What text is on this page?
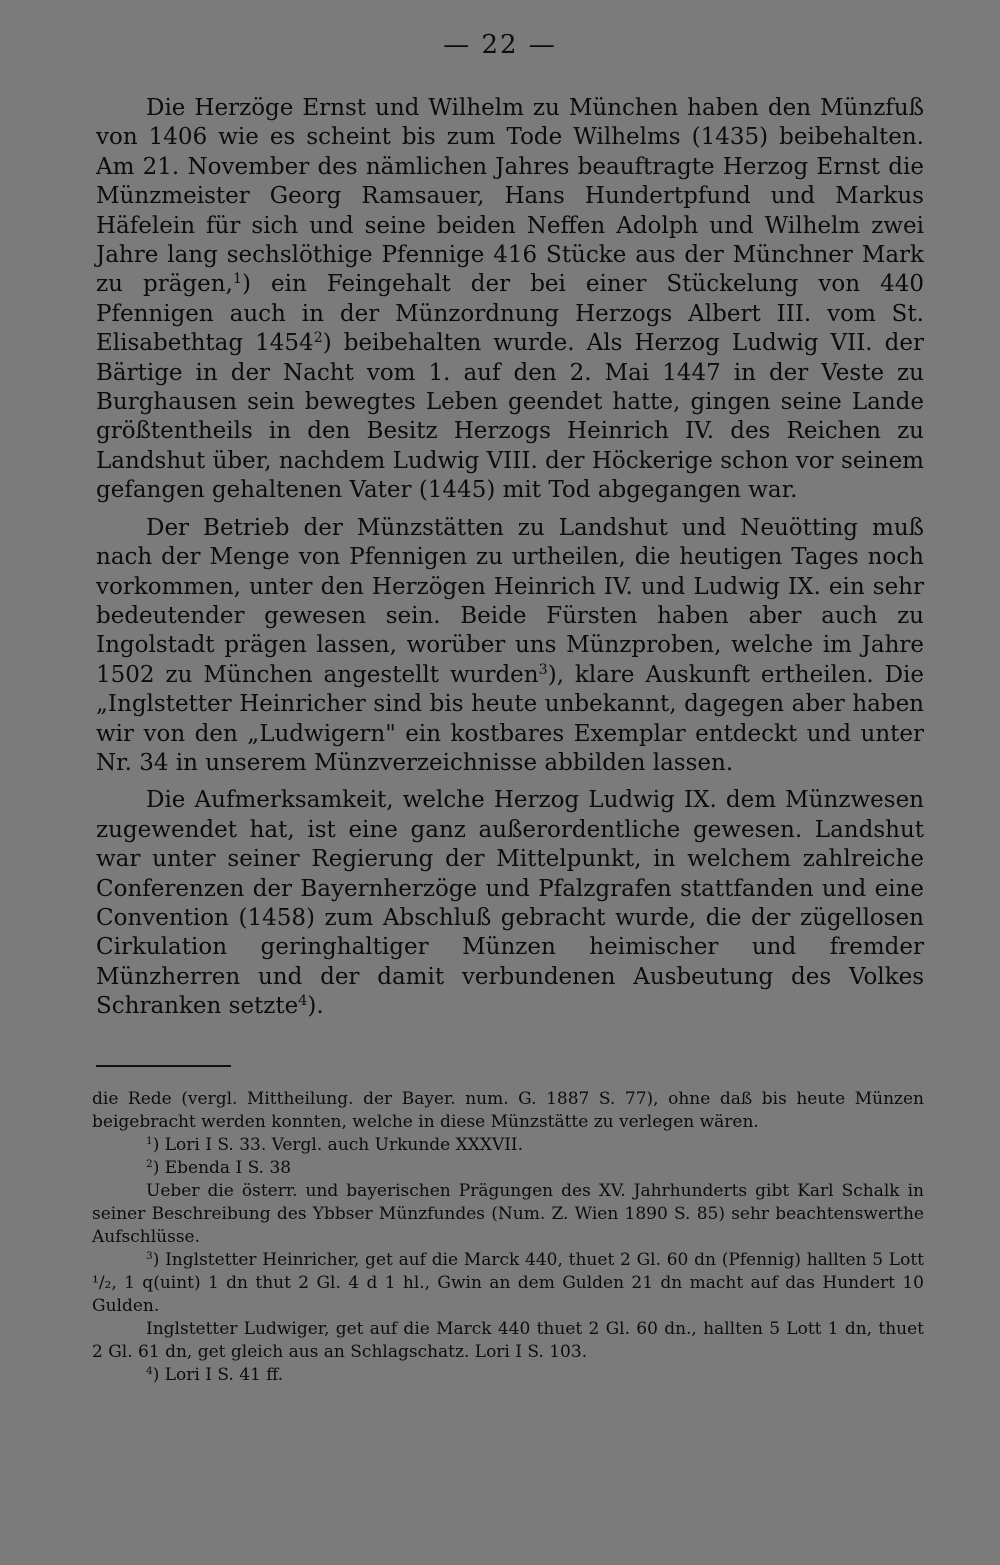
— 22 —

Die Herzöge Ernst und Wilhelm zu München haben den Münzfuß von 1406 wie es scheint bis zum Tode Wilhelms (1435) beibehalten. Am 21. November des nämlichen Jahres beauftragte Herzog Ernst die Münzmeister Georg Ramsauer, Hans Hundertpfund und Markus Häfelein für sich und seine beiden Neffen Adolph und Wilhelm zwei Jahre lang sechslöthige Pfennige 416 Stücke aus der Münchner Mark zu prägen,$^1$) ein Feingehalt der bei einer Stückelung von 440 Pfennigen auch in der Münzordnung Herzogs Albert III. vom St. Elisabethtag 1454$^2$) beibehalten wurde. Als Herzog Ludwig VII. der Bärtige in der Nacht vom 1. auf den 2. Mai 1447 in der Veste zu Burghausen sein bewegtes Leben geendet hatte, gingen seine Lande größtentheils in den Besitz Herzogs Heinrich IV. des Reichen zu Landshut über, nachdem Ludwig VIII. der Höckerige schon vor seinem gefangen gehaltenen Vater (1445) mit Tod abgegangen war.

Der Betrieb der Münzstätten zu Landshut und Neuötting muß nach der Menge von Pfennigen zu urtheilen, die heutigen Tages noch vorkommen, unter den Herzögen Heinrich IV. und Ludwig IX. ein sehr bedeutender gewesen sein. Beide Fürsten haben aber auch zu Ingolstadt prägen lassen, worüber uns Münzproben, welche im Jahre 1502 zu München angestellt wurden$^3$), klare Auskunft ertheilen. Die „Inglstetter Heinricher sind bis heute unbekannt, dagegen aber haben wir von den „Ludwigern" ein kostbares Exemplar entdeckt und unter Nr. 34 in unserem Münzverzeichnisse abbilden lassen.

Die Aufmerksamkeit, welche Herzog Ludwig IX. dem Münzwesen zugewendet hat, ist eine ganz außerordentliche gewesen. Landshut war unter seiner Regierung der Mittelpunkt, in welchem zahlreiche Conferenzen der Bayernherzöge und Pfalzgrafen stattfanden und eine Convention (1458) zum Abschluß gebracht wurde, die der zügellosen Cirkulation geringhaltiger Münzen heimischer und fremder Münzherren und der damit verbundenen Ausbeutung des Volkes Schranken setzte$^4$).

die Rede (vergl. Mittheilung. der Bayer. num. G. 1887 S. 77), ohne daß bis heute Münzen beigebracht werden konnten, welche in diese Münzstätte zu verlegen wären.

$^1$) Lori I S. 33. Vergl. auch Urkunde XXXVII.

$^2$) Ebenda I S. 38

Ueber die österr. und bayerischen Prägungen des XV. Jahrhunderts gibt Karl Schalk in seiner Beschreibung des Ybbser Münzfundes (Num. Z. Wien 1890 S. 85) sehr beachtenswerthe Aufschlüsse.

$^3$) Inglstetter Heinricher, get auf die Marck 440, thuet 2 Gl. 60 dn (Pfennig) hallten 5 Lott ¹/₂, 1 q(uint) 1 dn thut 2 Gl. 4 d 1 hl., Gwin an dem Gulden 21 dn macht auf das Hundert 10 Gulden.

Inglstetter Ludwiger, get auf die Marck 440 thuet 2 Gl. 60 dn., hallten 5 Lott 1 dn, thuet 2 Gl. 61 dn, get gleich aus an Schlagschatz. Lori I S. 103.

$^4$) Lori I S. 41 ff.
